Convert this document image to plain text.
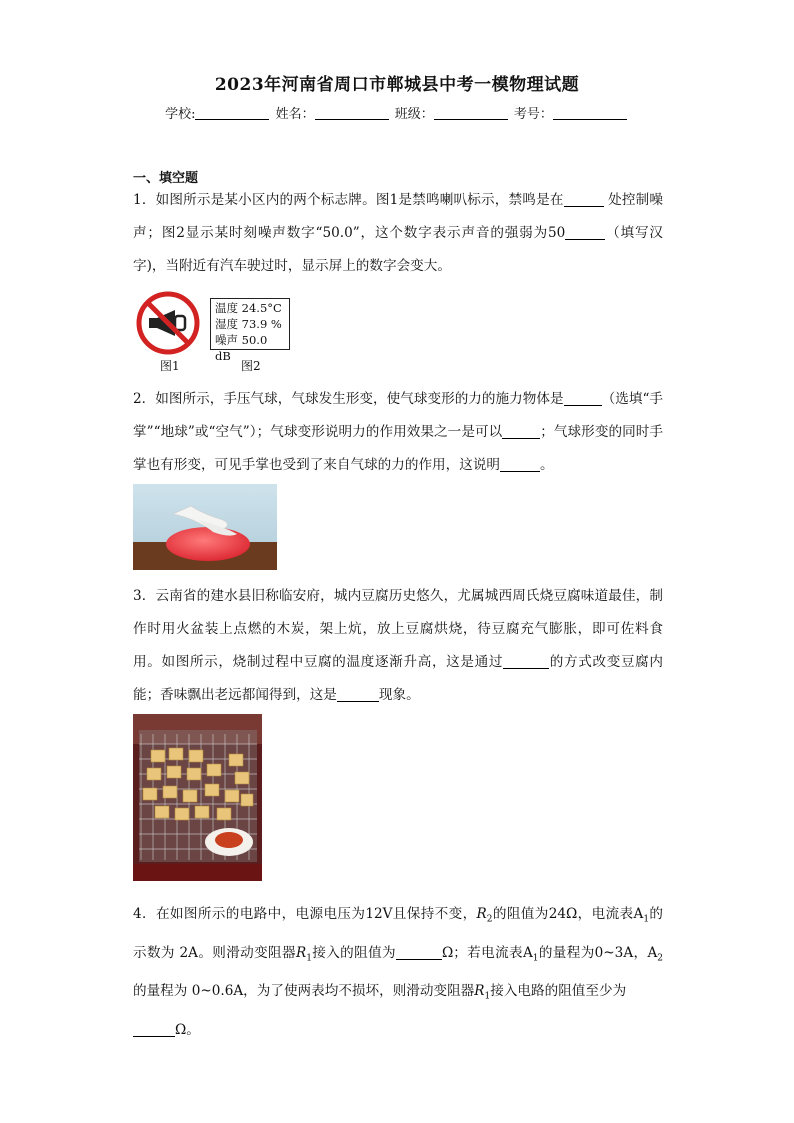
2023年河南省周口市郸城县中考一模物理试题
学校:	姓名：	班级：	考号：
一、填空题
1．如图所示是某小区内的两个标志牌。图1是禁鸣喇叭标示，禁鸣是在	处控制噪声；图2显示某时刻噪声数字“50.0”，这个数字表示声音的强弱为50	（填写汉字)，当附近有汽车驶过时，显示屏上的数字会变大。
图1
温度 24.5°C
湿度 73.9 %
噪声 50.0 dB
图2
2．如图所示，手压气球，气球发生形变，使气球变形的力的施力物体是	（选填“手掌”“地球”或“空气”）；气球变形说明力的作用效果之一是可以	；气球形变的同时手掌也有形变，可见手掌也受到了来自气球的力的作用，这说明	。
3．云南省的建水县旧称临安府，城内豆腐历史悠久，尤属城西周氏烧豆腐味道最佳，制作时用火盆装上点燃的木炭，架上炕，放上豆腐烘烧，待豆腐充气膨胀，即可佐料食用。如图所示，烧制过程中豆腐的温度逐渐升高，这是通过	的方式改变豆腐内能；香味飘出老远都闻得到，这是	现象。
4．在如图所示的电路中，电源电压为12V且保持不变，$R_2$的阻值为24Ω，电流表$A_1$的示数为 2A。则滑动变阻器$R_1$接入的阻值为	Ω；若电流表$A_1$的量程为0~3A，$A_2$的量程为 0~0.6A，为了使两表均不损坏，则滑动变阻器$R_1$接入电路的阻值至少为
Ω。
